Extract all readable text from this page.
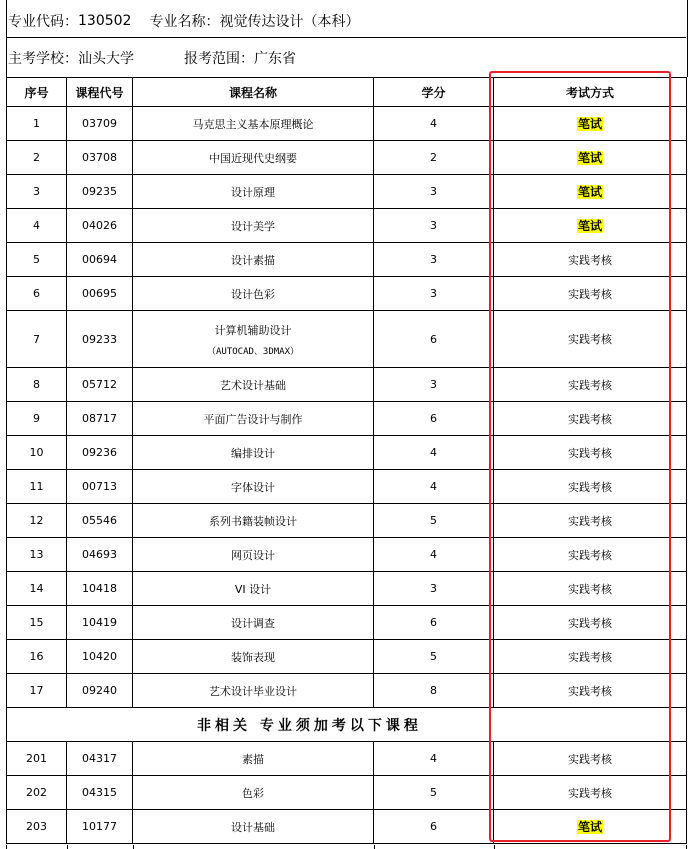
专业代码： 130502 专业名称： 视觉传达设计（本科）
主考学校： 汕头大学	报考范围： 广东省
序号	课程代号	课程名称	学分	考试方式
1	03709	马克思主义基本原理概论	4	笔试
2	03708	中国近现代史纲要	2	笔试
3	09235	设计原理	3	笔试
4	04026	设计美学	3	笔试
5	00694	设计素描	3	实践考核
6	00695	设计色彩	3	实践考核
7	09233	计算机辅助设计
（AUTOCAD、3DMAX）	6	实践考核
8	05712	艺术设计基础	3	实践考核
9	08717	平面广告设计与制作	6	实践考核
10	09236	编排设计	4	实践考核
11	00713	字体设计	4	实践考核
12	05546	系列书籍装帧设计	5	实践考核
13	04693	网页设计	4	实践考核
14	10418	VI 设计	3	实践考核
15	10419	设计调查	6	实践考核
16	10420	装饰表现	5	实践考核
17	09240	艺术设计毕业设计	8	实践考核
非相关 专业须加考以下课程				
201	04317	素描	4	实践考核
202	04315	色彩	5	实践考核
203	10177	设计基础	6	笔试
